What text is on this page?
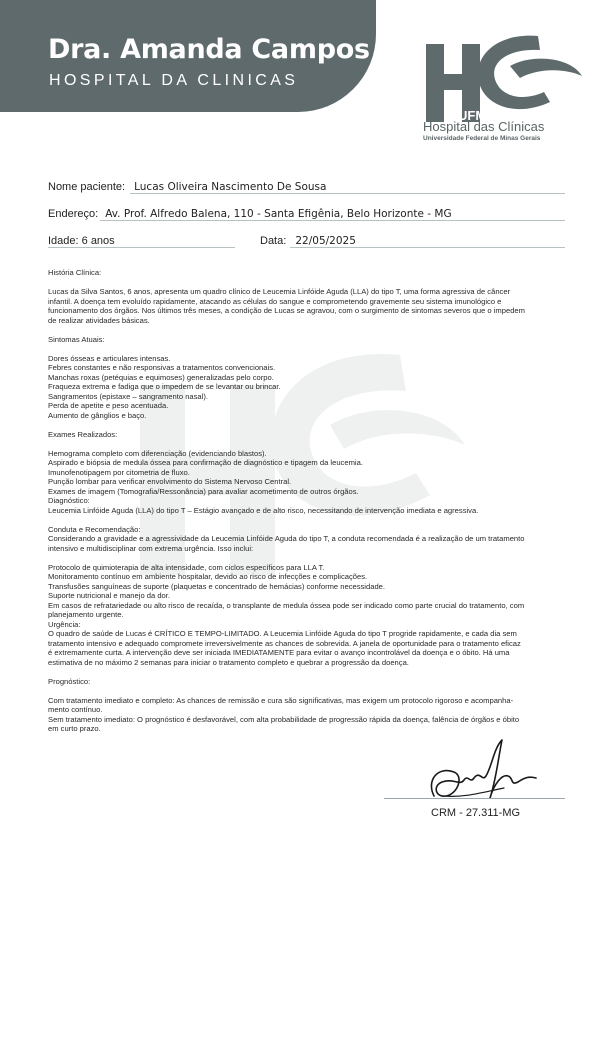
Dra. Amanda Campos
HOSPITAL DA CLINICAS
UFMG
Hospital das Clínicas
Universidade Federal de Minas Gerais
Nome paciente: Lucas Oliveira Nascimento De Sousa
Endereço: Av. Prof. Alfredo Balena, 110 - Santa Efigênia, Belo Horizonte - MG
Idade: 6 anos	Data: 22/05/2025

História Clínica:

Lucas da Silva Santos, 6 anos, apresenta um quadro clínico de Leucemia Linfóide Aguda (LLA) do tipo T, uma forma agressiva de câncer

infantil. A doença tem evoluído rapidamente, atacando as células do sangue e comprometendo gravemente seu sistema imunológico e

funcionamento dos órgãos. Nos últimos três meses, a condição de Lucas se agravou, com o surgimento de sintomas severos que o impedem

de realizar atividades básicas.

Sintomas Atuais:

Dores ósseas e articulares intensas.

Febres constantes e não responsivas a tratamentos convencionais.

Manchas roxas (petéquias e equimoses) generalizadas pelo corpo.

Fraqueza extrema e fadiga que o impedem de se levantar ou brincar.

Sangramentos (epistaxe – sangramento nasal).

Perda de apetite e peso acentuada.

Aumento de gânglios e baço.

Exames Realizados:

Hemograma completo com diferenciação (evidenciando blastos).

Aspirado e biópsia de medula óssea para confirmação de diagnóstico e tipagem da leucemia.

Imunofenotipagem por citometria de fluxo.

Punção lombar para verificar envolvimento do Sistema Nervoso Central.

Exames de imagem (Tomografia/Ressonância) para avaliar acometimento de outros órgãos.

Diagnóstico:

Leucemia Linfóide Aguda (LLA) do tipo T – Estágio avançado e de alto risco, necessitando de intervenção imediata e agressiva.

Conduta e Recomendação:

Considerando a gravidade e a agressividade da Leucemia Linfóide Aguda do tipo T, a conduta recomendada é a realização de um tratamento

intensivo e multidisciplinar com extrema urgência. Isso inclui:

Protocolo de quimioterapia de alta intensidade, com ciclos específicos para LLA T.

Monitoramento contínuo em ambiente hospitalar, devido ao risco de infecções e complicações.

Transfusões sanguíneas de suporte (plaquetas e concentrado de hemácias) conforme necessidade.

Suporte nutricional e manejo da dor.

Em casos de refratariedade ou alto risco de recaída, o transplante de medula óssea pode ser indicado como parte crucial do tratamento, com

planejamento urgente.

Urgência:

O quadro de saúde de Lucas é CRÍTICO E TEMPO-LIMITADO. A Leucemia Linfóide Aguda do tipo T progride rapidamente, e cada dia sem

tratamento intensivo e adequado compromete irreversivelmente as chances de sobrevida. A janela de oportunidade para o tratamento eficaz

é extremamente curta. A intervenção deve ser iniciada IMEDIATAMENTE para evitar o avanço incontrolável da doença e o óbito. Há uma

estimativa de no máximo 2 semanas para iniciar o tratamento completo e quebrar a progressão da doença.

Prognóstico:

Com tratamento imediato e completo: As chances de remissão e cura são significativas, mas exigem um protocolo rigoroso e acompanha-

mento contínuo.

Sem tratamento imediato: O prognóstico é desfavorável, com alta probabilidade de progressão rápida da doença, falência de órgãos e óbito

em curto prazo.

CRM - 27.311-MG
